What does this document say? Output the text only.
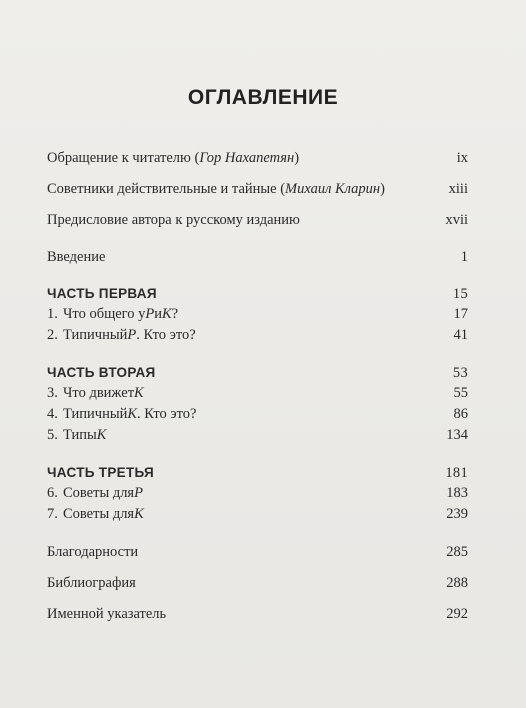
ОГЛАВЛЕНИЕ
Обращение к читателю ( Гор Нахапетян )	ix
Советники действительные и тайные ( Михаил Кларин )	xiii
Предисловие автора к русскому изданию	xvii
Введение	1
ЧАСТЬ ПЕРВАЯ	15
1. Что общего у Р и К ?	17
2. Типичный Р . Кто это?	41
ЧАСТЬ ВТОРАЯ	53
3. Что движет К	55
4. Типичный К . Кто это?	86
5. Типы К	134
ЧАСТЬ ТРЕТЬЯ	181
6. Советы для Р	183
7. Советы для К	239
Благодарности	285
Библиография	288
Именной указатель	292
